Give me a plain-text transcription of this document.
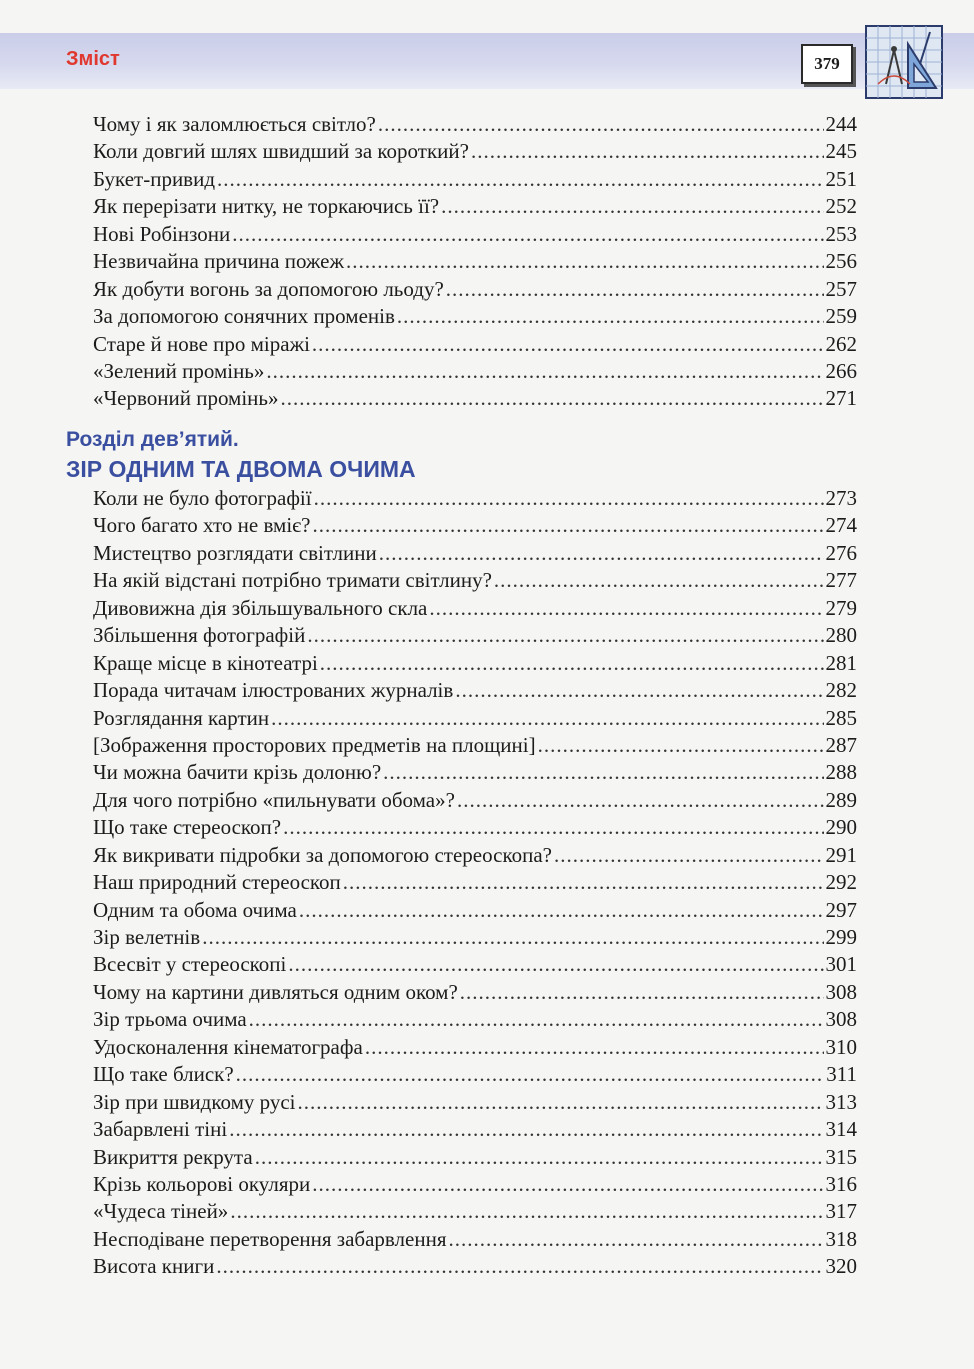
Зміст	379
Чому і як заломлюється світло? .....	244
Коли довгий шлях швидший за короткий? .....	245
Букет-привид .....	251
Як перерізати нитку, не торкаючись її? .....	252
Нові Робінзони .....	253
Незвичайна причина пожеж .....	256
Як добути вогонь за допомогою льоду? .....	257
За допомогою сонячних променів .....	259
Старе й нове про міражі .....	262
«Зелений промінь» .....	266
«Червоний промінь» .....	271
Розділ дев’ятий.
ЗІР ОДНИМ ТА ДВОМА ОЧИМА
Коли не було фотографії .....	273
Чого багато хто не вміє? .....	274
Мистецтво розглядати світлини .....	276
На якій відстані потрібно тримати світлину? .....	277
Дивовижна дія збільшувального скла .....	279
Збільшення фотографій .....	280
Краще місце в кінотеатрі .....	281
Порада читачам ілюстрованих журналів .....	282
Розглядання картин .....	285
[Зображення просторових предметів на площині] .....	287
Чи можна бачити крізь долоню? .....	288
Для чого потрібно «пильнувати обома»? .....	289
Що таке стереоскоп? .....	290
Як викривати підробки за допомогою стереоскопа? .....	291
Наш природний стереоскоп .....	292
Одним та обома очима .....	297
Зір велетнів .....	299
Всесвіт у стереоскопі .....	301
Чому на картини дивляться одним оком? .....	308
Зір трьома очима .....	308
Удосконалення кінематографа .....	310
Що таке блиск? .....	311
Зір при швидкому русі .....	313
Забарвлені тіні .....	314
Викриття рекрута .....	315
Крізь кольорові окуляри .....	316
«Чудеса тіней» .....	317
Несподіване перетворення забарвлення .....	318
Висота книги .....	320
